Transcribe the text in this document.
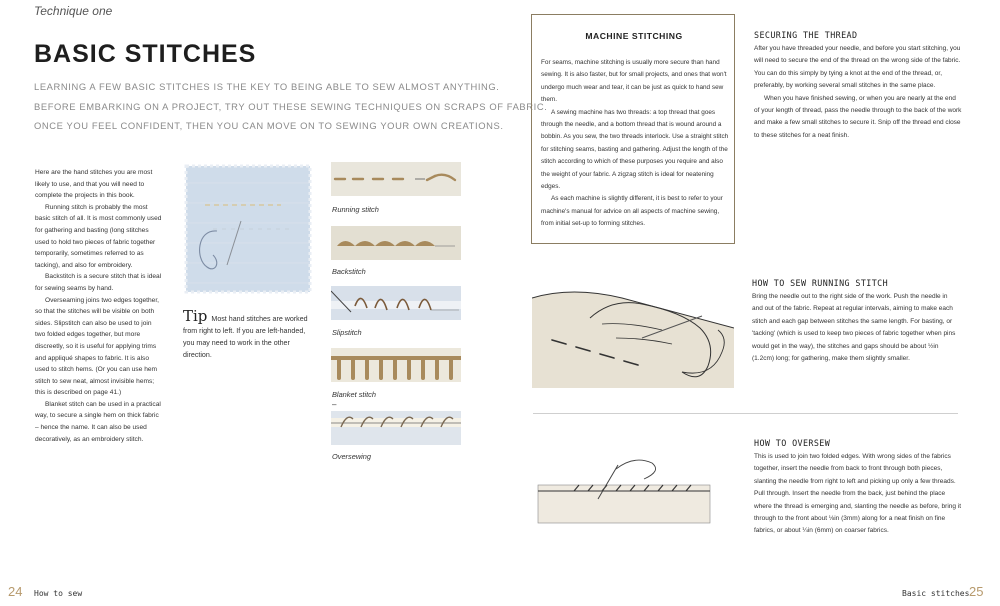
Technique one
BASIC STITCHES
LEARNING A FEW BASIC STITCHES IS THE KEY TO BEING ABLE TO SEW ALMOST ANYTHING.
BEFORE EMBARKING ON A PROJECT, TRY OUT THESE SEWING TECHNIQUES ON SCRAPS OF FABRIC.
ONCE YOU FEEL CONFIDENT, THEN YOU CAN MOVE ON TO SEWING YOUR OWN CREATIONS.

Here are the hand stitches you are most likely to use, and that you will need to complete the projects in this book.

Running stitch is probably the most basic stitch of all. It is most commonly used for gathering and basting (long stitches used to hold two pieces of fabric together temporarily, sometimes referred to as tacking), and also for embroidery.

Backstitch is a secure stitch that is ideal for sewing seams by hand.

Overseaming joins two edges together, so that the stitches will be visible on both sides. Slipstitch can also be used to join two folded edges together, but more discreetly, so it is useful for applying trims and appliqué shapes to fabric. It is also used to stitch hems. (Or you can use hem stitch to sew neat, almost invisible hems; this is described on page 41.)

Blanket stitch can be used in a practical way, to secure a single hem on thick fabric – hence the name. It can also be used decoratively, as an embroidery stitch.

Tip Most hand stitches are worked from right to left. If you are left-handed, you may need to work in the other direction.
Running stitch
Backstitch
Slipstitch
Blanket stitch
–
Oversewing
24 How to sew
MACHINE STITCHING

For seams, machine stitching is usually more secure than hand sewing. It is also faster, but for small projects, and ones that won't undergo much wear and tear, it can be just as quick to hand sew them.

A sewing machine has two threads: a top thread that goes through the needle, and a bottom thread that is wound around a bobbin. As you sew, the two threads interlock. Use a straight stitch for stitching seams, basting and gathering. Adjust the length of the stitch according to which of these purposes you require and also the weight of your fabric. A zigzag stitch is ideal for neatening edges.

As each machine is slightly different, it is best to refer to your machine's manual for advice on all aspects of machine sewing, from initial set-up to forming stitches.

SECURING THE THREAD

After you have threaded your needle, and before you start stitching, you will need to secure the end of the thread on the wrong side of the fabric. You can do this simply by tying a knot at the end of the thread, or, preferably, by working several small stitches in the same place.

When you have finished sewing, or when you are nearly at the end of your length of thread, pass the needle through to the back of the work and make a few small stitches to secure it. Snip off the thread end close to these stitches for a neat finish.

HOW TO SEW RUNNING STITCH
Bring the needle out to the right side of the work. Push the needle in and out of the fabric. Repeat at regular intervals, aiming to make each stitch and each gap between stitches the same length. For basting, or 'tacking' (which is used to keep two pieces of fabric together when pins would get in the way), the stitches and gaps should be about ½in (1.2cm) long; for gathering, make them slightly smaller.
HOW TO OVERSEW
This is used to join two folded edges. With wrong sides of the fabrics together, insert the needle from back to front through both pieces, slanting the needle from right to left and picking up only a few threads. Pull through. Insert the needle from the back, just behind the place where the thread is emerging and, slanting the needle as before, bring it through to the front about ⅛in (3mm) along for a neat finish on fine fabrics, or about ¼in (6mm) on coarser fabrics.
Basic stitches 25
